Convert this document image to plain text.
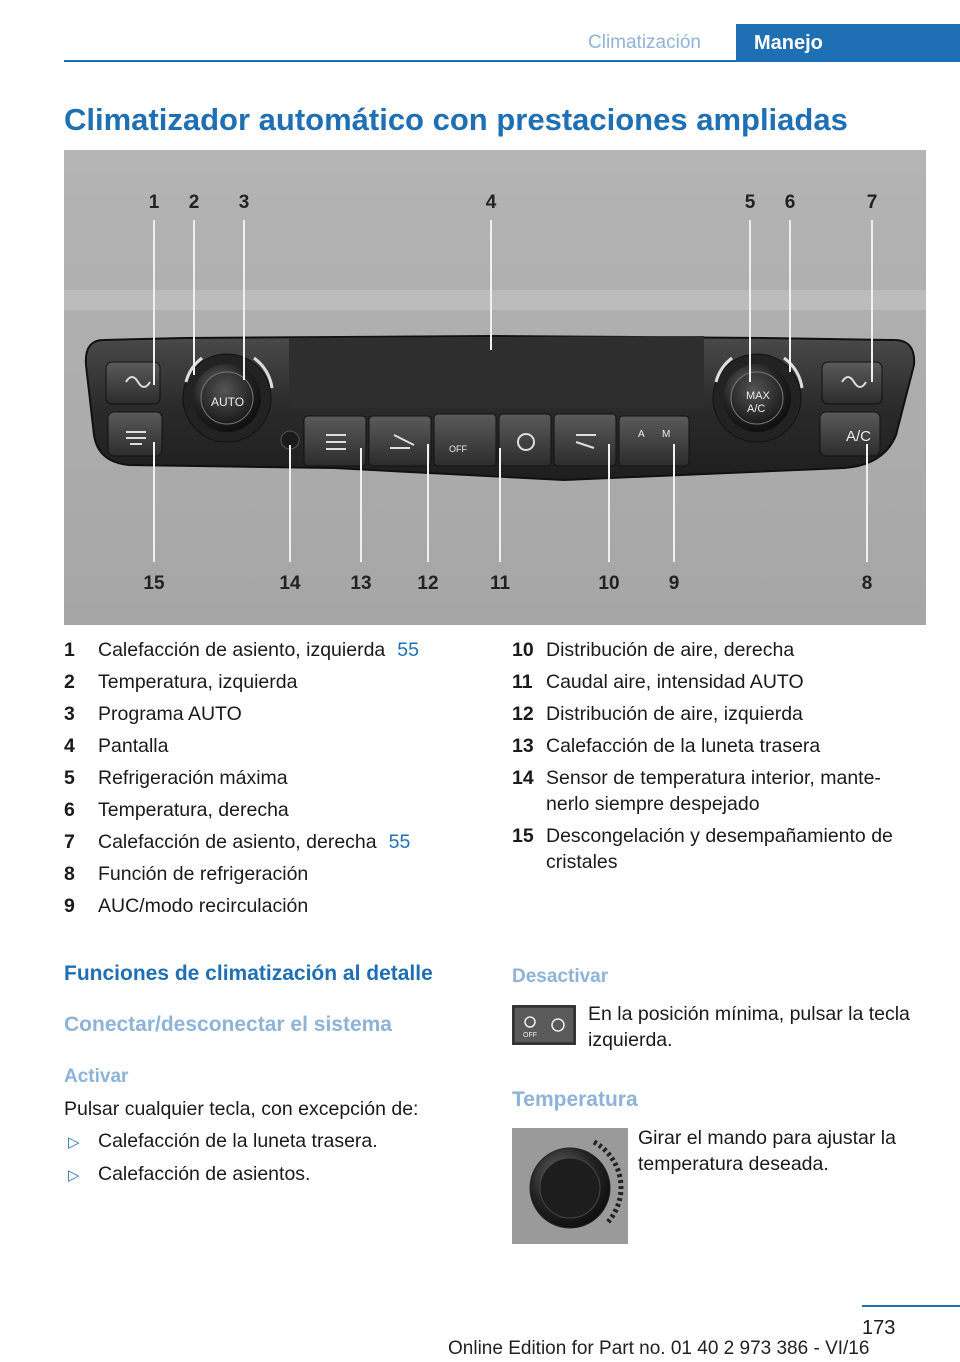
Climatización	Manejo
Climatizador automático con prestaciones ampliadas
A/C
AUTO	MAX
A/C
OFF
A M
1 2 3	4	5 6	7
15	14	13 12	11	10	9	8
1	Calefacción de asiento, izquierda 55
2	Temperatura, izquierda
3	Programa AUTO
4	Pantalla
5	Refrigeración máxima
6	Temperatura, derecha
7	Calefacción de asiento, derecha 55
8	Función de refrigeración
9	AUC/modo recirculación
10 Distribución de aire, derecha
11 Caudal aire, intensidad AUTO
12 Distribución de aire, izquierda
13 Calefacción de la luneta trasera
14 Sensor de temperatura interior, mante‐nerlo siempre despejado
15 Descongelación y desempañamiento de cristales
Funciones de climatización al detalle
Conectar/desconectar el sistema
Activar
Pulsar cualquier tecla, con excepción de:
▷ Calefacción de la luneta trasera.
▷ Calefacción de asientos.
Desactivar
OFF
En la posición mínima, pulsar la tecla izquierda.
Temperatura
Girar el mando para ajustar la temperatura deseada.
173
Online Edition for Part no. 01 40 2 973 386 - VI/16
